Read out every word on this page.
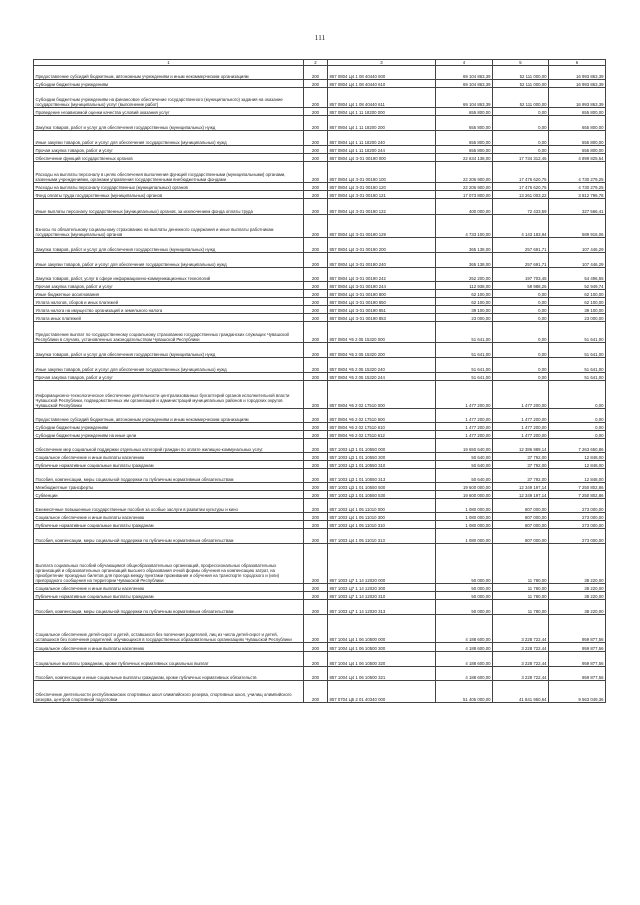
111
1	2	3	4	5	6
Предоставление субсидий бюджетным, автономным учреждениям и иным некоммерческим организациям	200	857 0804 Ц4 1 08 40440 600	69 104 863,39	52 111 000,00	16 993 863,39
Субсидии бюджетным учреждениям	200	857 0804 Ц4 1 08 40440 610	69 104 863,39	52 111 000,00	16 993 863,39
Субсидии бюджетным учреждениям на финансовое обеспечение государственного (муниципального) задания на оказание государственных (муниципальных) услуг (выполнение работ)	200	857 0804 Ц4 1 08 40440 611	69 104 863,39	52 111 000,00	16 993 863,39
Проведение независимой оценки качества условий оказания услуг	200	857 0804 Ц4 1 11 18200 000	655 800,00	0,00	655 800,00
Закупка товаров, работ и услуг для обеспечения государственных (муниципальных) нужд	200	857 0804 Ц4 1 11 18200 200	655 800,00	0,00	655 800,00
Иные закупки товаров, работ и услуг для обеспечения государственных (муниципальных) нужд	200	857 0804 Ц4 1 11 18200 240	655 800,00	0,00	655 800,00
Прочая закупка товаров, работ и услуг	200	857 0804 Ц4 1 11 18200 244	655 800,00	0,00	655 800,00
Обеспечение функций государственных органов	200	857 0804 Ц4 Э 01 00190 000	22 634 138,00	17 734 312,46	4 899 825,54
Расходы на выплаты персоналу в целях обеспечения выполнения функций государственными (муниципальными) органами, казенными учреждениями, органами управления государственными внебюджетными фондами	200	857 0804 Ц4 Э 01 00190 100	22 206 900,00	17 476 620,75	4 730 279,25
Расходы на выплаты персоналу государственных (муниципальных) органов	200	857 0804 Ц4 Э 01 00190 120	22 206 900,00	17 476 620,75	4 730 279,25
Фонд оплаты труда государственных (муниципальных) органов	200	857 0804 Ц4 Э 01 00190 121	17 073 800,00	13 261 003,22	3 812 796,78
Иные выплаты персоналу государственных (муниципальных) органов, за исключением фонда оплаты труда	200	857 0804 Ц4 Э 01 00190 122	400 000,00	72 433,59	327 566,41
Взносы по обязательному социальному страхованию на выплаты денежного содержания и иные выплаты работникам государственных (муниципальных) органов	200	857 0804 Ц4 Э 01 00190 129	4 733 100,00	4 143 183,94	589 916,06
Закупка товаров, работ и услуг для обеспечения государственных (муниципальных) нужд	200	857 0804 Ц4 Э 01 00190 200	365 138,00	257 691,71	107 446,29
Иные закупки товаров, работ и услуг для обеспечения государственных (муниципальных) нужд	200	857 0804 Ц4 Э 01 00190 240	365 138,00	257 691,71	107 446,29
Закупка товаров, работ, услуг в сфере информационно-коммуникационных технологий	200	857 0804 Ц4 Э 01 00190 242	252 200,00	197 703,45	54 496,55
Прочая закупка товаров, работ и услуг	200	857 0804 Ц4 Э 01 00190 244	112 938,00	59 988,26	52 949,74
Иные бюджетные ассигнования	200	857 0804 Ц4 Э 01 00190 800	62 100,00	0,00	62 100,00
Уплата налогов, сборов и иных платежей	200	857 0804 Ц4 Э 01 00190 850	62 100,00	0,00	62 100,00
Уплата налога на имущество организаций и земельного налога	200	857 0804 Ц4 Э 01 00190 851	39 100,00	0,00	39 100,00
Уплата иных платежей	200	857 0804 Ц4 Э 01 00190 853	23 000,00	0,00	23 000,00
Предоставление выплат по государственному социальному страхованию государственных гражданских служащих Чувашской Республики в случаях, установленных законодательством Чувашской Республики	200	857 0804 Ч5 2 05 15320 000	51 641,00	0,00	51 641,00
Закупка товаров, работ и услуг для обеспечения государственных (муниципальных) нужд	200	857 0804 Ч5 2 05 15320 200	51 641,00	0,00	51 641,00
Иные закупки товаров, работ и услуг для обеспечения государственных (муниципальных) нужд	200	857 0804 Ч5 2 05 15320 240	51 641,00	0,00	51 641,00
Прочая закупка товаров, работ и услуг	200	857 0804 Ч5 2 05 15320 244	51 641,00	0,00	51 641,00
Информационно-технологическое обеспечение деятельности централизованных бухгалтерий органов исполнительной власти Чувашской Республики, подведомственных им организаций и администраций муниципальных районов и городских округов Чувашской Республики	200	857 0804 Ч6 2 02 17510 000	1 477 200,00	1 477 200,00	0,00
Предоставление субсидий бюджетным, автономным учреждениям и иным некоммерческим организациям	200	857 0804 Ч6 2 02 17510 600	1 477 200,00	1 477 200,00	0,00
Субсидии бюджетным учреждениям	200	857 0804 Ч6 2 02 17510 610	1 477 200,00	1 477 200,00	0,00
Субсидии бюджетным учреждениям на иные цели	200	857 0804 Ч6 2 02 17510 612	1 477 200,00	1 477 200,00	0,00
Обеспечение мер социальной поддержки отдельных категорий граждан по оплате жилищно-коммунальных услуг	200	857 1003 Ц3 1 01 10550 000	19 650 640,00	12 386 989,14	7 263 650,86
Социальное обеспечение и иные выплаты населению	200	857 1003 Ц3 1 01 10550 300	50 640,00	37 792,00	12 848,00
Публичные нормативные социальные выплаты гражданам	200	857 1003 Ц3 1 01 10550 310	50 640,00	37 792,00	12 848,00
Пособия, компенсации, меры социальной поддержки по публичным нормативным обязательствам	200	857 1003 Ц3 1 01 10550 313	50 640,00	37 792,00	12 848,00
Межбюджетные трансферты	200	857 1003 Ц3 1 01 10550 500	19 600 000,00	12 349 197,14	7 250 802,86
Субвенции	200	857 1003 Ц3 1 01 10550 530	19 600 000,00	12 349 197,14	7 250 802,86
Ежемесячные повышенные государственные пособия за особые заслуги в развитии культуры и кино	200	857 1003 Ц4 1 05 11010 000	1 080 000,00	807 000,00	273 000,00
Социальное обеспечение и иные выплаты населению	200	857 1003 Ц4 1 05 11010 300	1 080 000,00	807 000,00	273 000,00
Публичные нормативные социальные выплаты гражданам	200	857 1003 Ц4 1 05 11010 310	1 080 000,00	807 000,00	273 000,00
Пособия, компенсации, меры социальной поддержки по публичным нормативным обязательствам	200	857 1003 Ц4 1 05 11010 313	1 080 000,00	807 000,00	273 000,00
Выплата социальных пособий обучающимся общеобразовательных организаций, профессиональных образовательных организаций и образовательных организаций высшего образования очной формы обучения на компенсацию затрат, на приобретение проездных билетов для проезда между пунктами проживания и обучения на транспорте городского и (или) пригородного сообщения на территории Чувашской Республики	200	857 1003 Ц7 1 14 12020 000	50 000,00	11 780,00	38 220,00
Социальное обеспечение и иные выплаты населению	200	857 1003 Ц7 1 14 12020 300	50 000,00	11 780,00	38 220,00
Публичные нормативные социальные выплаты гражданам	200	857 1003 Ц7 1 14 12020 310	50 000,00	11 780,00	38 220,00
Пособия, компенсации, меры социальной поддержки по публичным нормативным обязательствам	200	857 1003 Ц7 1 14 12020 313	50 000,00	11 780,00	38 220,00
Социальное обеспечение детей-сирот и детей, оставшихся без попечения родителей, лиц из числа детей-сирот и детей, оставшихся без попечения родителей, обучающихся в государственных образовательных организациях Чувашской Республики	200	857 1004 Ц4 1 06 10500 000	4 188 600,00	3 228 722,44	959 877,56
Социальное обеспечение и иные выплаты населению	200	857 1004 Ц4 1 06 10500 300	4 188 600,00	3 228 722,44	959 877,56
Социальные выплаты гражданам, кроме публичных нормативных социальных выплат	200	857 1004 Ц4 1 06 10500 320	4 188 600,00	3 228 722,44	959 877,56
Пособия, компенсации и иные социальные выплаты гражданам, кроме публичных нормативных обязательств	200	857 1004 Ц4 1 06 10500 321	4 188 600,00	3 228 722,44	959 877,56
Обеспечение деятельности республиканских спортивных школ олимпийского резерва, спортивных школ, училищ олимпийского резерва, центров спортивной подготовки	200	857 0704 Ц5 2 01 40340 000	51 405 000,00	41 841 950,64	9 563 049,36
